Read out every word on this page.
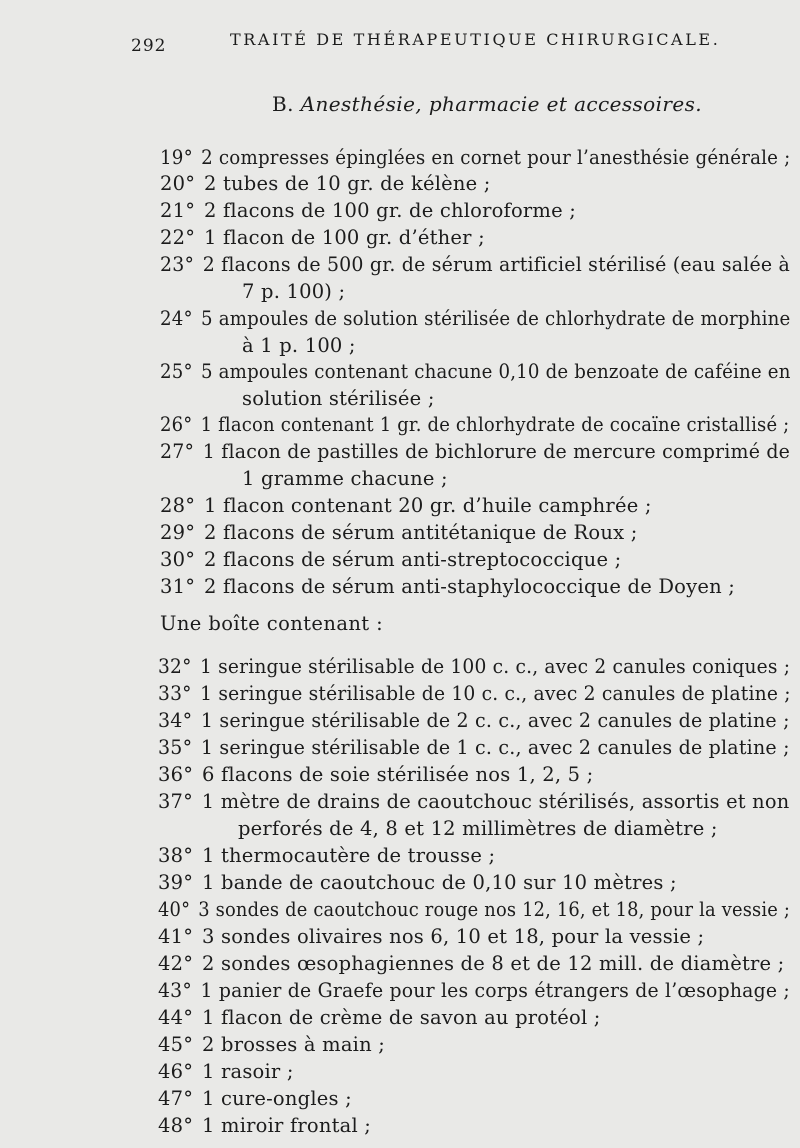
292	TRAITÉ DE THÉRAPEUTIQUE CHIRURGICALE.
B. Anesthésie, pharmacie et accessoires.
19° 2 compresses épinglées en cornet pour l’anesthésie générale ;
20° 2 tubes de 10 gr. de kélène ;
21° 2 flacons de 100 gr. de chloroforme ;
22° 1 flacon de 100 gr. d’éther ;
23° 2 flacons de 500 gr. de sérum artificiel stérilisé (eau salée à
7 p. 100) ;
24° 5 ampoules de solution stérilisée de chlorhydrate de morphine
à 1 p. 100 ;
25° 5 ampoules contenant chacune 0,10 de benzoate de caféine en
solution stérilisée ;
26° 1 flacon contenant 1 gr. de chlorhydrate de cocaïne cristallisé ;
27° 1 flacon de pastilles de bichlorure de mercure comprimé de
1 gramme chacune ;
28° 1 flacon contenant 20 gr. d’huile camphrée ;
29° 2 flacons de sérum antitétanique de Roux ;
30° 2 flacons de sérum anti-streptococcique ;
31° 2 flacons de sérum anti-staphylococcique de Doyen ;
Une boîte contenant :
32° 1 seringue stérilisable de 100 c. c., avec 2 canules coniques ;
33° 1 seringue stérilisable de 10 c. c., avec 2 canules de platine ;
34° 1 seringue stérilisable de 2 c. c., avec 2 canules de platine ;
35° 1 seringue stérilisable de 1 c. c., avec 2 canules de platine ;
36° 6 flacons de soie stérilisée nos 1, 2, 5 ;
37° 1 mètre de drains de caoutchouc stérilisés, assortis et non
perforés de 4, 8 et 12 millimètres de diamètre ;
38° 1 thermocautère de trousse ;
39° 1 bande de caoutchouc de 0,10 sur 10 mètres ;
40° 3 sondes de caoutchouc rouge nos 12, 16, et 18, pour la vessie ;
41° 3 sondes olivaires nos 6, 10 et 18, pour la vessie ;
42° 2 sondes œsophagiennes de 8 et de 12 mill. de diamètre ;
43° 1 panier de Graefe pour les corps étrangers de l’œsophage ;
44° 1 flacon de crème de savon au protéol ;
45° 2 brosses à main ;
46° 1 rasoir ;
47° 1 cure-ongles ;
48° 1 miroir frontal ;
